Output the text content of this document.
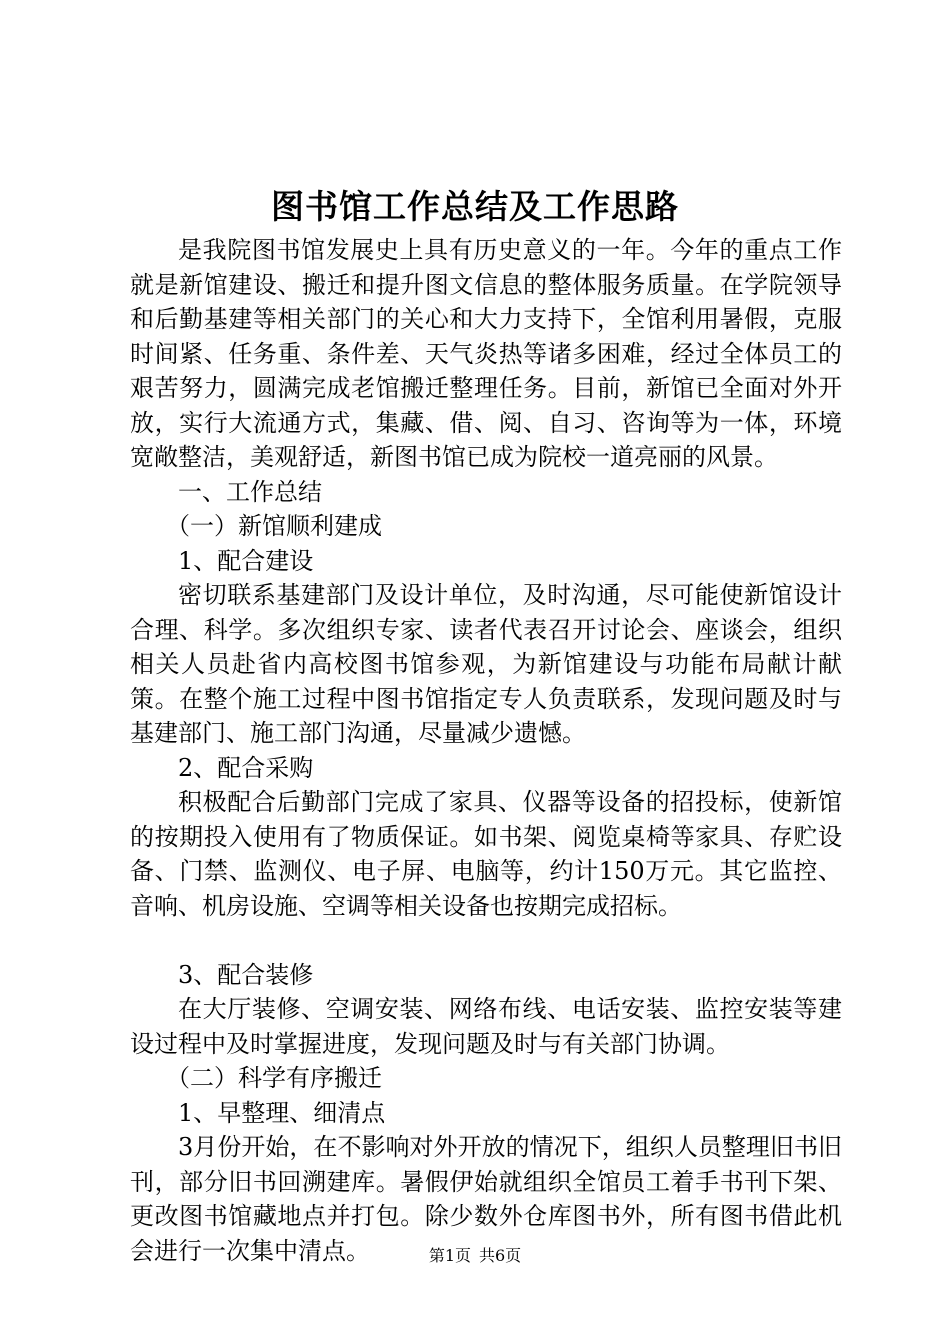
图书馆工作总结及工作思路

是我院图书馆发展史上具有历史意义的一年。今年的重点工作就是新馆建设、搬迁和提升图文信息的整体服务质量。在学院领导和后勤基建等相关部门的关心和大力支持下，全馆利用暑假，克服时间紧、任务重、条件差、天气炎热等诸多困难，经过全体员工的艰苦努力，圆满完成老馆搬迁整理任务。目前，新馆已全面对外开放，实行大流通方式，集藏、借、阅、自习、咨询等为一体，环境宽敞整洁，美观舒适，新图书馆已成为院校一道亮丽的风景。

一、工作总结

（一）新馆顺利建成

1、配合建设

密切联系基建部门及设计单位，及时沟通，尽可能使新馆设计合理、科学。多次组织专家、读者代表召开讨论会、座谈会，组织相关人员赴省内高校图书馆参观，为新馆建设与功能布局献计献策。在整个施工过程中图书馆指定专人负责联系，发现问题及时与基建部门、施工部门沟通，尽量减少遗憾。

2、配合采购

积极配合后勤部门完成了家具、仪器等设备的招投标，使新馆的按期投入使用有了物质保证。如书架、阅览桌椅等家具、存贮设备、门禁、监测仪、电子屏、电脑等，约计150万元。其它监控、音响、机房设施、空调等相关设备也按期完成招标。

3、配合装修

在大厅装修、空调安装、网络布线、电话安装、监控安装等建设过程中及时掌握进度，发现问题及时与有关部门协调。

（二）科学有序搬迁

1、早整理、细清点

3月份开始，在不影响对外开放的情况下，组织人员整理旧书旧刊，部分旧书回溯建库。暑假伊始就组织全馆员工着手书刊下架、更改图书馆藏地点并打包。除少数外仓库图书外，所有图书借此机会进行一次集中清点。	第1页 共6页
